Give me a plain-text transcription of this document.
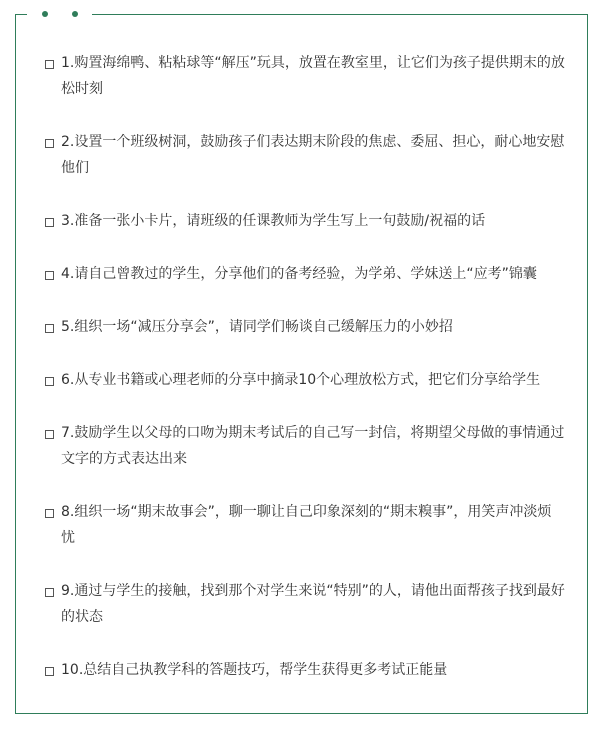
1.购置海绵鸭、粘粘球等“解压”玩具，放置在教室里，让它们为孩子提供期末的放松时刻
2.设置一个班级树洞，鼓励孩子们表达期末阶段的焦虑、委屈、担心，耐心地安慰他们
3.准备一张小卡片，请班级的任课教师为学生写上一句鼓励/祝福的话
4.请自己曾教过的学生，分享他们的备考经验，为学弟、学妹送上“应考”锦囊
5.组织一场“减压分享会”，请同学们畅谈自己缓解压力的小妙招
6.从专业书籍或心理老师的分享中摘录10个心理放松方式，把它们分享给学生
7.鼓励学生以父母的口吻为期末考试后的自己写一封信，将期望父母做的事情通过文字的方式表达出来
8.组织一场“期末故事会”，聊一聊让自己印象深刻的“期末糗事”，用笑声冲淡烦忧
9.通过与学生的接触，找到那个对学生来说“特别”的人，请他出面帮孩子找到最好的状态
10.总结自己执教学科的答题技巧，帮学生获得更多考试正能量
